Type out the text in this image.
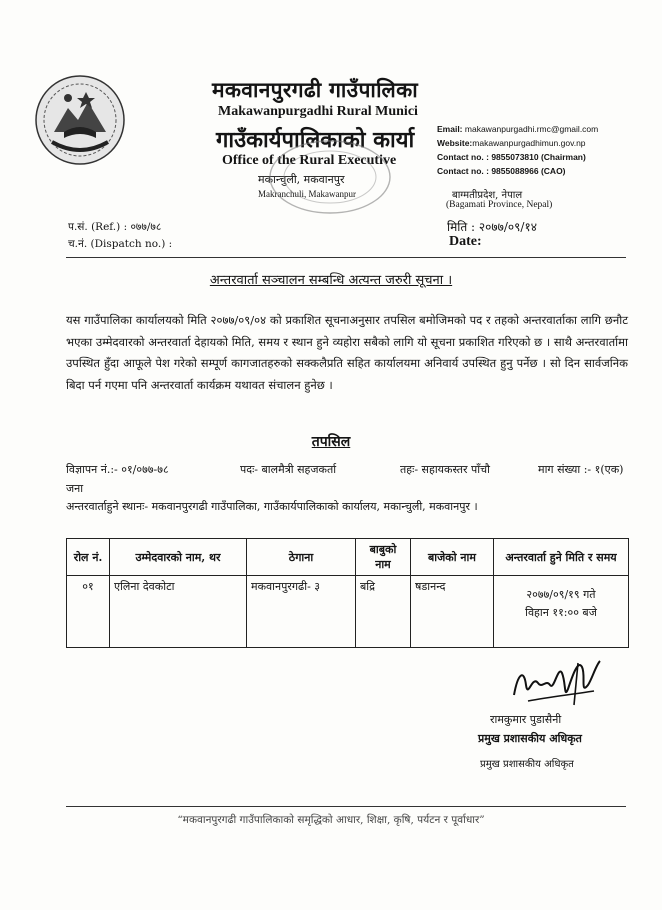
मकवानपुरगढी गाउँपालिका
Makawanpurgadhi Rural Munici
गाउँकार्यपालिकाको कार्या
Office of the Rural Executive
मकान्चुली, मकवानपुर
Makranchuli, Makawanpur
Email: makawanpurgadhi.rmc@gmail.com
Website:makawanpurgadhimun.gov.np
Contact no. : 9855073810 (Chairman)
Contact no. : 9855088966 (CAO)
बाग्मतीप्रदेश, नेपाल
(Bagamati Province, Nepal)
प.सं. (Ref.) : ०७७/७८
च.नं. (Dispatch no.) :
मिति : २०७७/०९/१४
Date:
अन्तरवार्ता सञ्चालन सम्बन्धि अत्यन्त जरुरी सूचना ।
यस गाउँपालिका कार्यालयको मिति २०७७/०९/०४ को प्रकाशित सूचनाअनुसार तपसिल बमोजिमको पद र तहको अन्तरवार्ताका लागि छनौट भएका उम्मेदवारको अन्तरवार्ता देहायको मिति, समय र स्थान हुने व्यहोरा सबैको लागि यो सूचना प्रकाशित गरिएको छ । साथै अन्तरवार्तामा उपस्थित हुँदा आफूले पेश गरेको सम्पूर्ण कागजातहरुको सक्कलैप्रति सहित कार्यालयमा अनिवार्य उपस्थित हुनु पर्नेछ । सो दिन सार्वजनिक बिदा पर्न गएमा पनि अन्तरवार्ता कार्यक्रम यथावत संचालन हुनेछ ।
तपसिल
विज्ञापन नं.:- ०१/०७७-७८	पदः- बालमैत्री सहजकर्ता	तहः- सहायकस्तर पाँचौ	माग संख्या :- १(एक)
जना
अन्तरवार्ताहुने स्थानः- मकवानपुरगढी गाउँपालिका, गाउँकार्यपालिकाको कार्यालय, मकान्चुली, मकवानपुर ।
रोल नं.	उम्मेदवारको नाम, थर	ठेगाना	बाबुको नाम	बाजेको नाम	अन्तरवार्ता हुने मिति र समय
०१	एलिना देवकोटा	मकवानपुरगढी- ३	बद्रि	षडानन्द	२०७७/०९/१९ गते
विहान ११:०० बजे
रामकुमार पुडासैनी
प्रमुख प्रशासकीय अधिकृत
प्रमुख प्रशासकीय अधिकृत
“मकवानपुरगढी गाउँपालिकाको समृद्धिको आधार, शिक्षा, कृषि, पर्यटन र पूर्वाधार”
